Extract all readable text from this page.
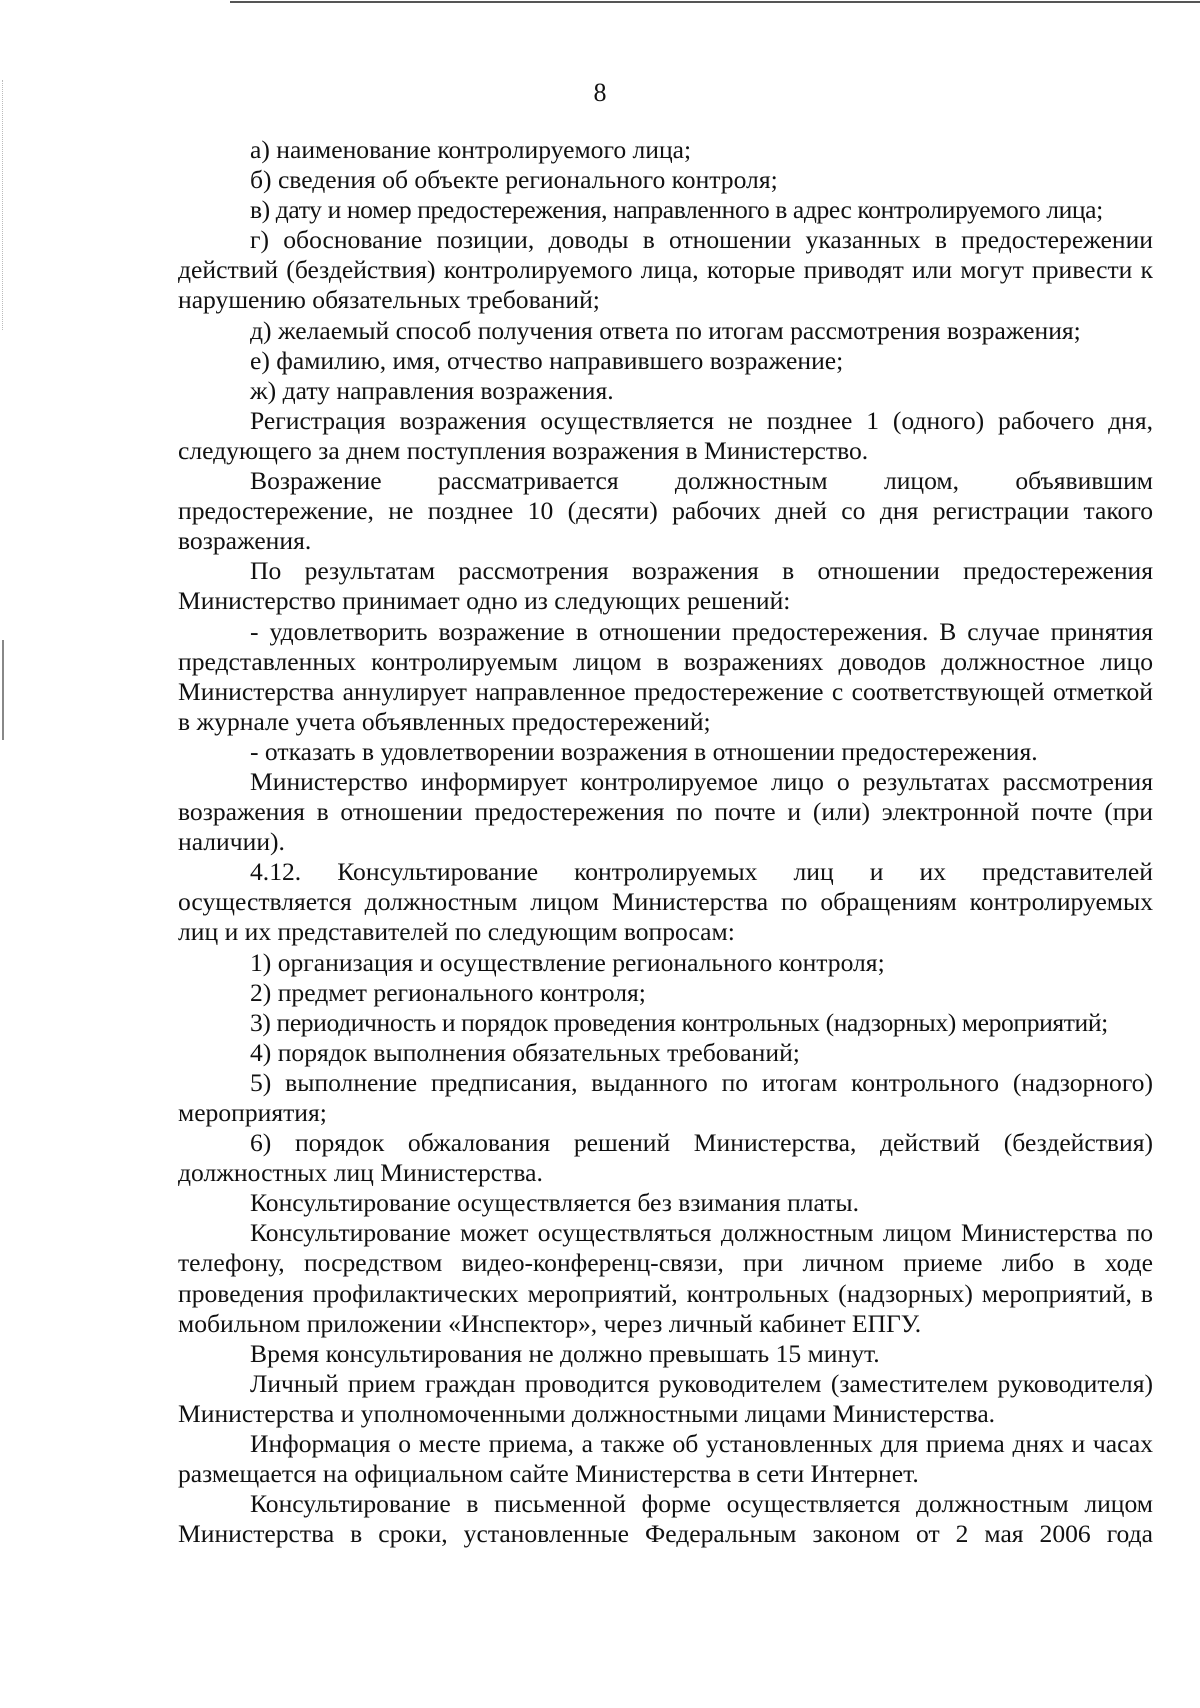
8

а) наименование контролируемого лица;

б) сведения об объекте регионального контроля;

в) дату и номер предостережения, направленного в адрес контролируемого лица;

г) обоснование позиции, доводы в отношении указанных в предостережении действий (бездействия) контролируемого лица, которые приводят или могут привести к нарушению обязательных требований;

д) желаемый способ получения ответа по итогам рассмотрения возражения;

е) фамилию, имя, отчество направившего возражение;

ж) дату направления возражения.

Регистрация возражения осуществляется не позднее 1 (одного) рабочего дня, следующего за днем поступления возражения в Министерство.

Возражение рассматривается должностным лицом, объявившим предостережение, не позднее 10 (десяти) рабочих дней со дня регистрации такого возражения.

По результатам рассмотрения возражения в отношении предостережения Министерство принимает одно из следующих решений:

- удовлетворить возражение в отношении предостережения. В случае принятия представленных контролируемым лицом в возражениях доводов должностное лицо Министерства аннулирует направленное предостережение с соответствующей отметкой в журнале учета объявленных предостережений;

- отказать в удовлетворении возражения в отношении предостережения.

Министерство информирует контролируемое лицо о результатах рассмотрения возражения в отношении предостережения по почте и (или) электронной почте (при наличии).

4.12. Консультирование контролируемых лиц и их представителей осуществляется должностным лицом Министерства по обращениям контролируемых лиц и их представителей по следующим вопросам:

1) организация и осуществление регионального контроля;

2) предмет регионального контроля;

3) периодичность и порядок проведения контрольных (надзорных) мероприятий;

4) порядок выполнения обязательных требований;

5) выполнение предписания, выданного по итогам контрольного (надзорного) мероприятия;

6) порядок обжалования решений Министерства, действий (бездействия) должностных лиц Министерства.

Консультирование осуществляется без взимания платы.

Консультирование может осуществляться должностным лицом Министерства по телефону, посредством видео-конференц-связи, при личном приеме либо в ходе проведения профилактических мероприятий, контрольных (надзорных) мероприятий, в мобильном приложении «Инспектор», через личный кабинет ЕПГУ.

Время консультирования не должно превышать 15 минут.

Личный прием граждан проводится руководителем (заместителем руководителя) Министерства и уполномоченными должностными лицами Министерства.

Информация о месте приема, а также об установленных для приема днях и часах размещается на официальном сайте Министерства в сети Интернет.

Консультирование в письменной форме осуществляется должностным лицом Министерства в сроки, установленные Федеральным законом от 2 мая 2006 года
